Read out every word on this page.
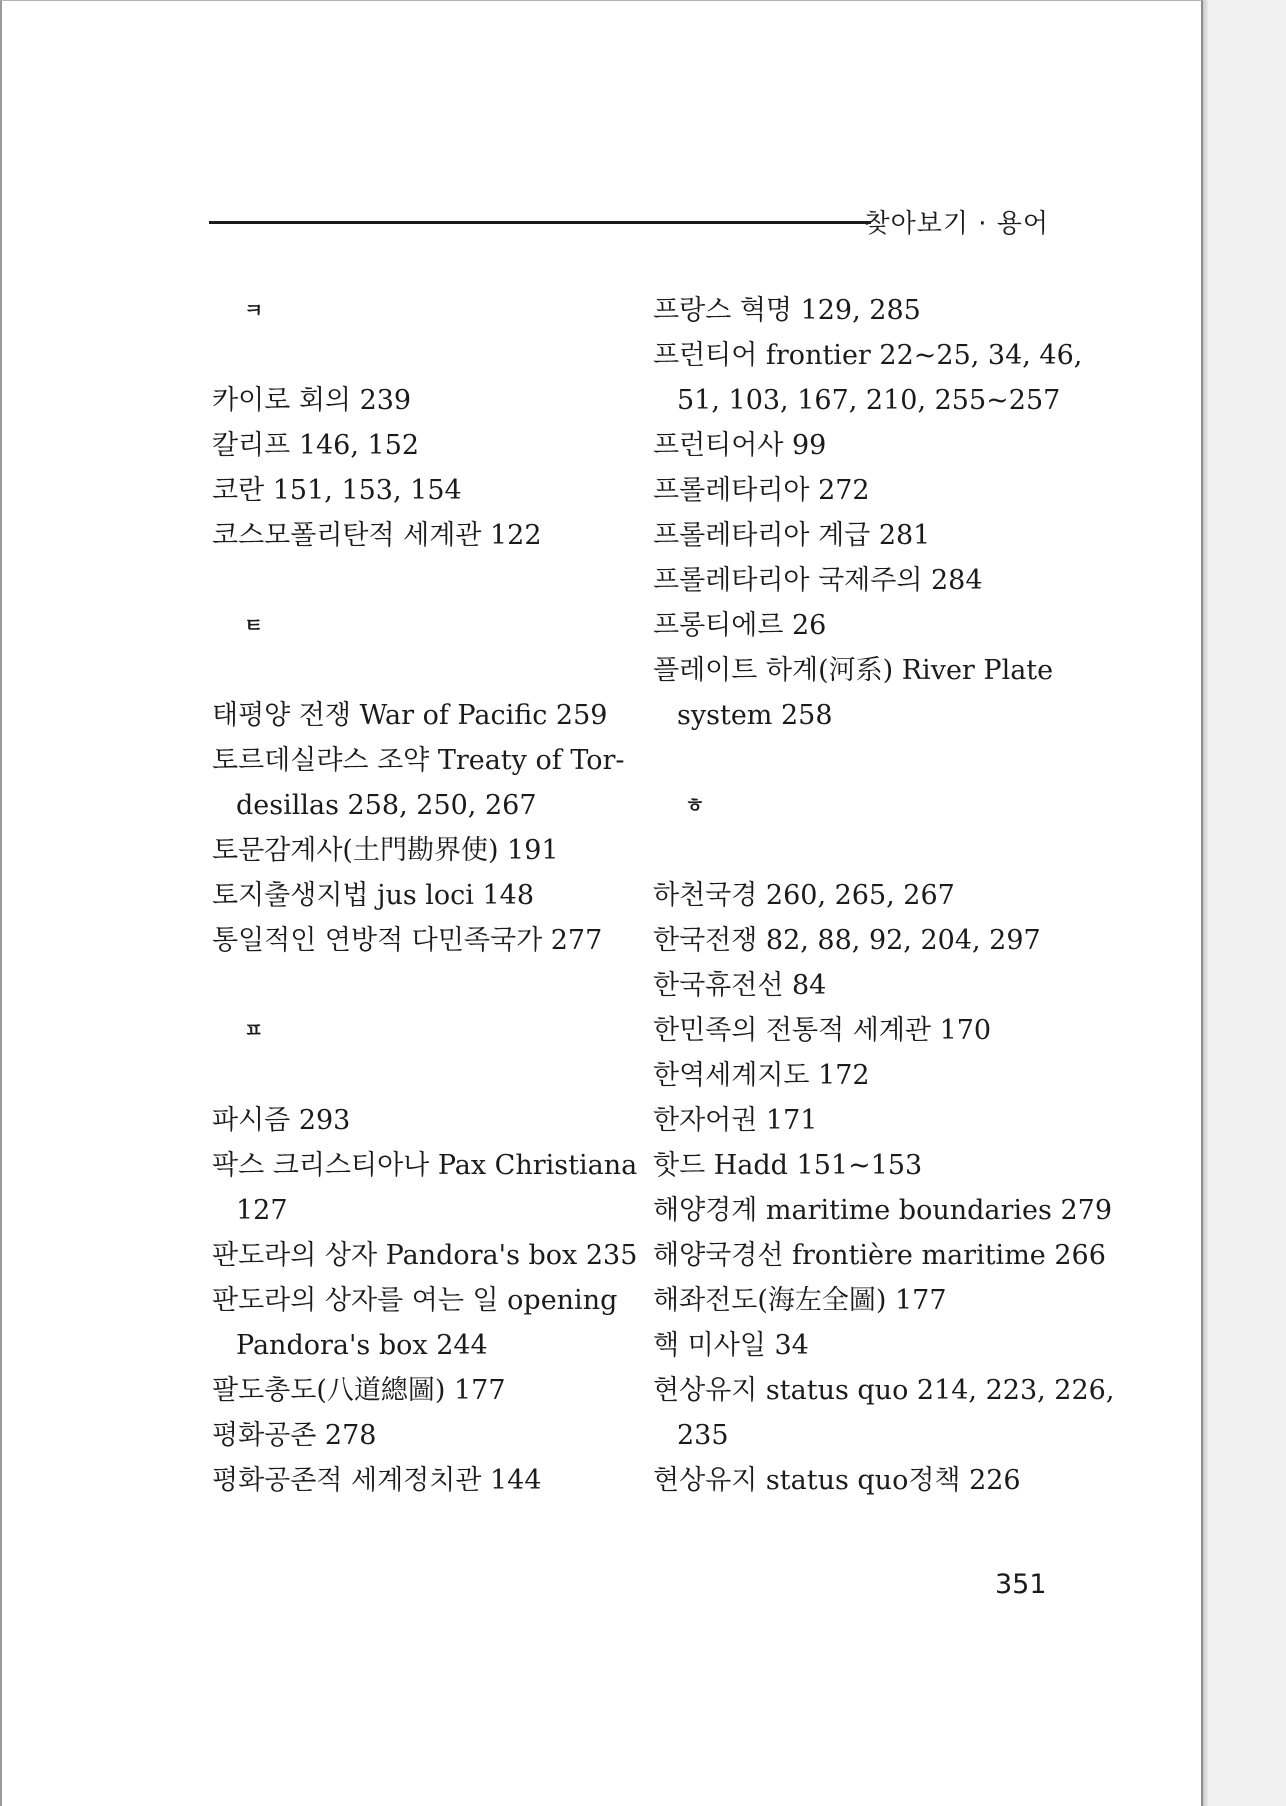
찾아보기 · 용어
ㅋ
카이로 회의 239
칼리프 146, 152
코란 151, 153, 154
코스모폴리탄적 세계관 122
ㅌ
태평양 전쟁 War of Pacific 259
토르데실랴스 조약 Treaty of Tor-
desillas 258, 250, 267
토문감계사(土門勘界使) 191
토지출생지법 jus loci 148
통일적인 연방적 다민족국가 277
ㅍ
파시즘 293
팍스 크리스티아나 Pax Christiana
127
판도라의 상자 Pandora's box 235
판도라의 상자를 여는 일 opening
Pandora's box 244
팔도총도(八道總圖) 177
평화공존 278
평화공존적 세계정치관 144
프랑스 혁명 129, 285
프런티어 frontier 22~25, 34, 46,
51, 103, 167, 210, 255~257
프런티어사 99
프롤레타리아 272
프롤레타리아 계급 281
프롤레타리아 국제주의 284
프롱티에르 26
플레이트 하계(河系) River Plate
system 258
ㅎ
하천국경 260, 265, 267
한국전쟁 82, 88, 92, 204, 297
한국휴전선 84
한민족의 전통적 세계관 170
한역세계지도 172
한자어권 171
핫드 Hadd 151~153
해양경계 maritime boundaries 279
해양국경선 frontière maritime 266
해좌전도(海左全圖) 177
핵 미사일 34
현상유지 status quo 214, 223, 226,
235
현상유지 status quo정책 226
351
